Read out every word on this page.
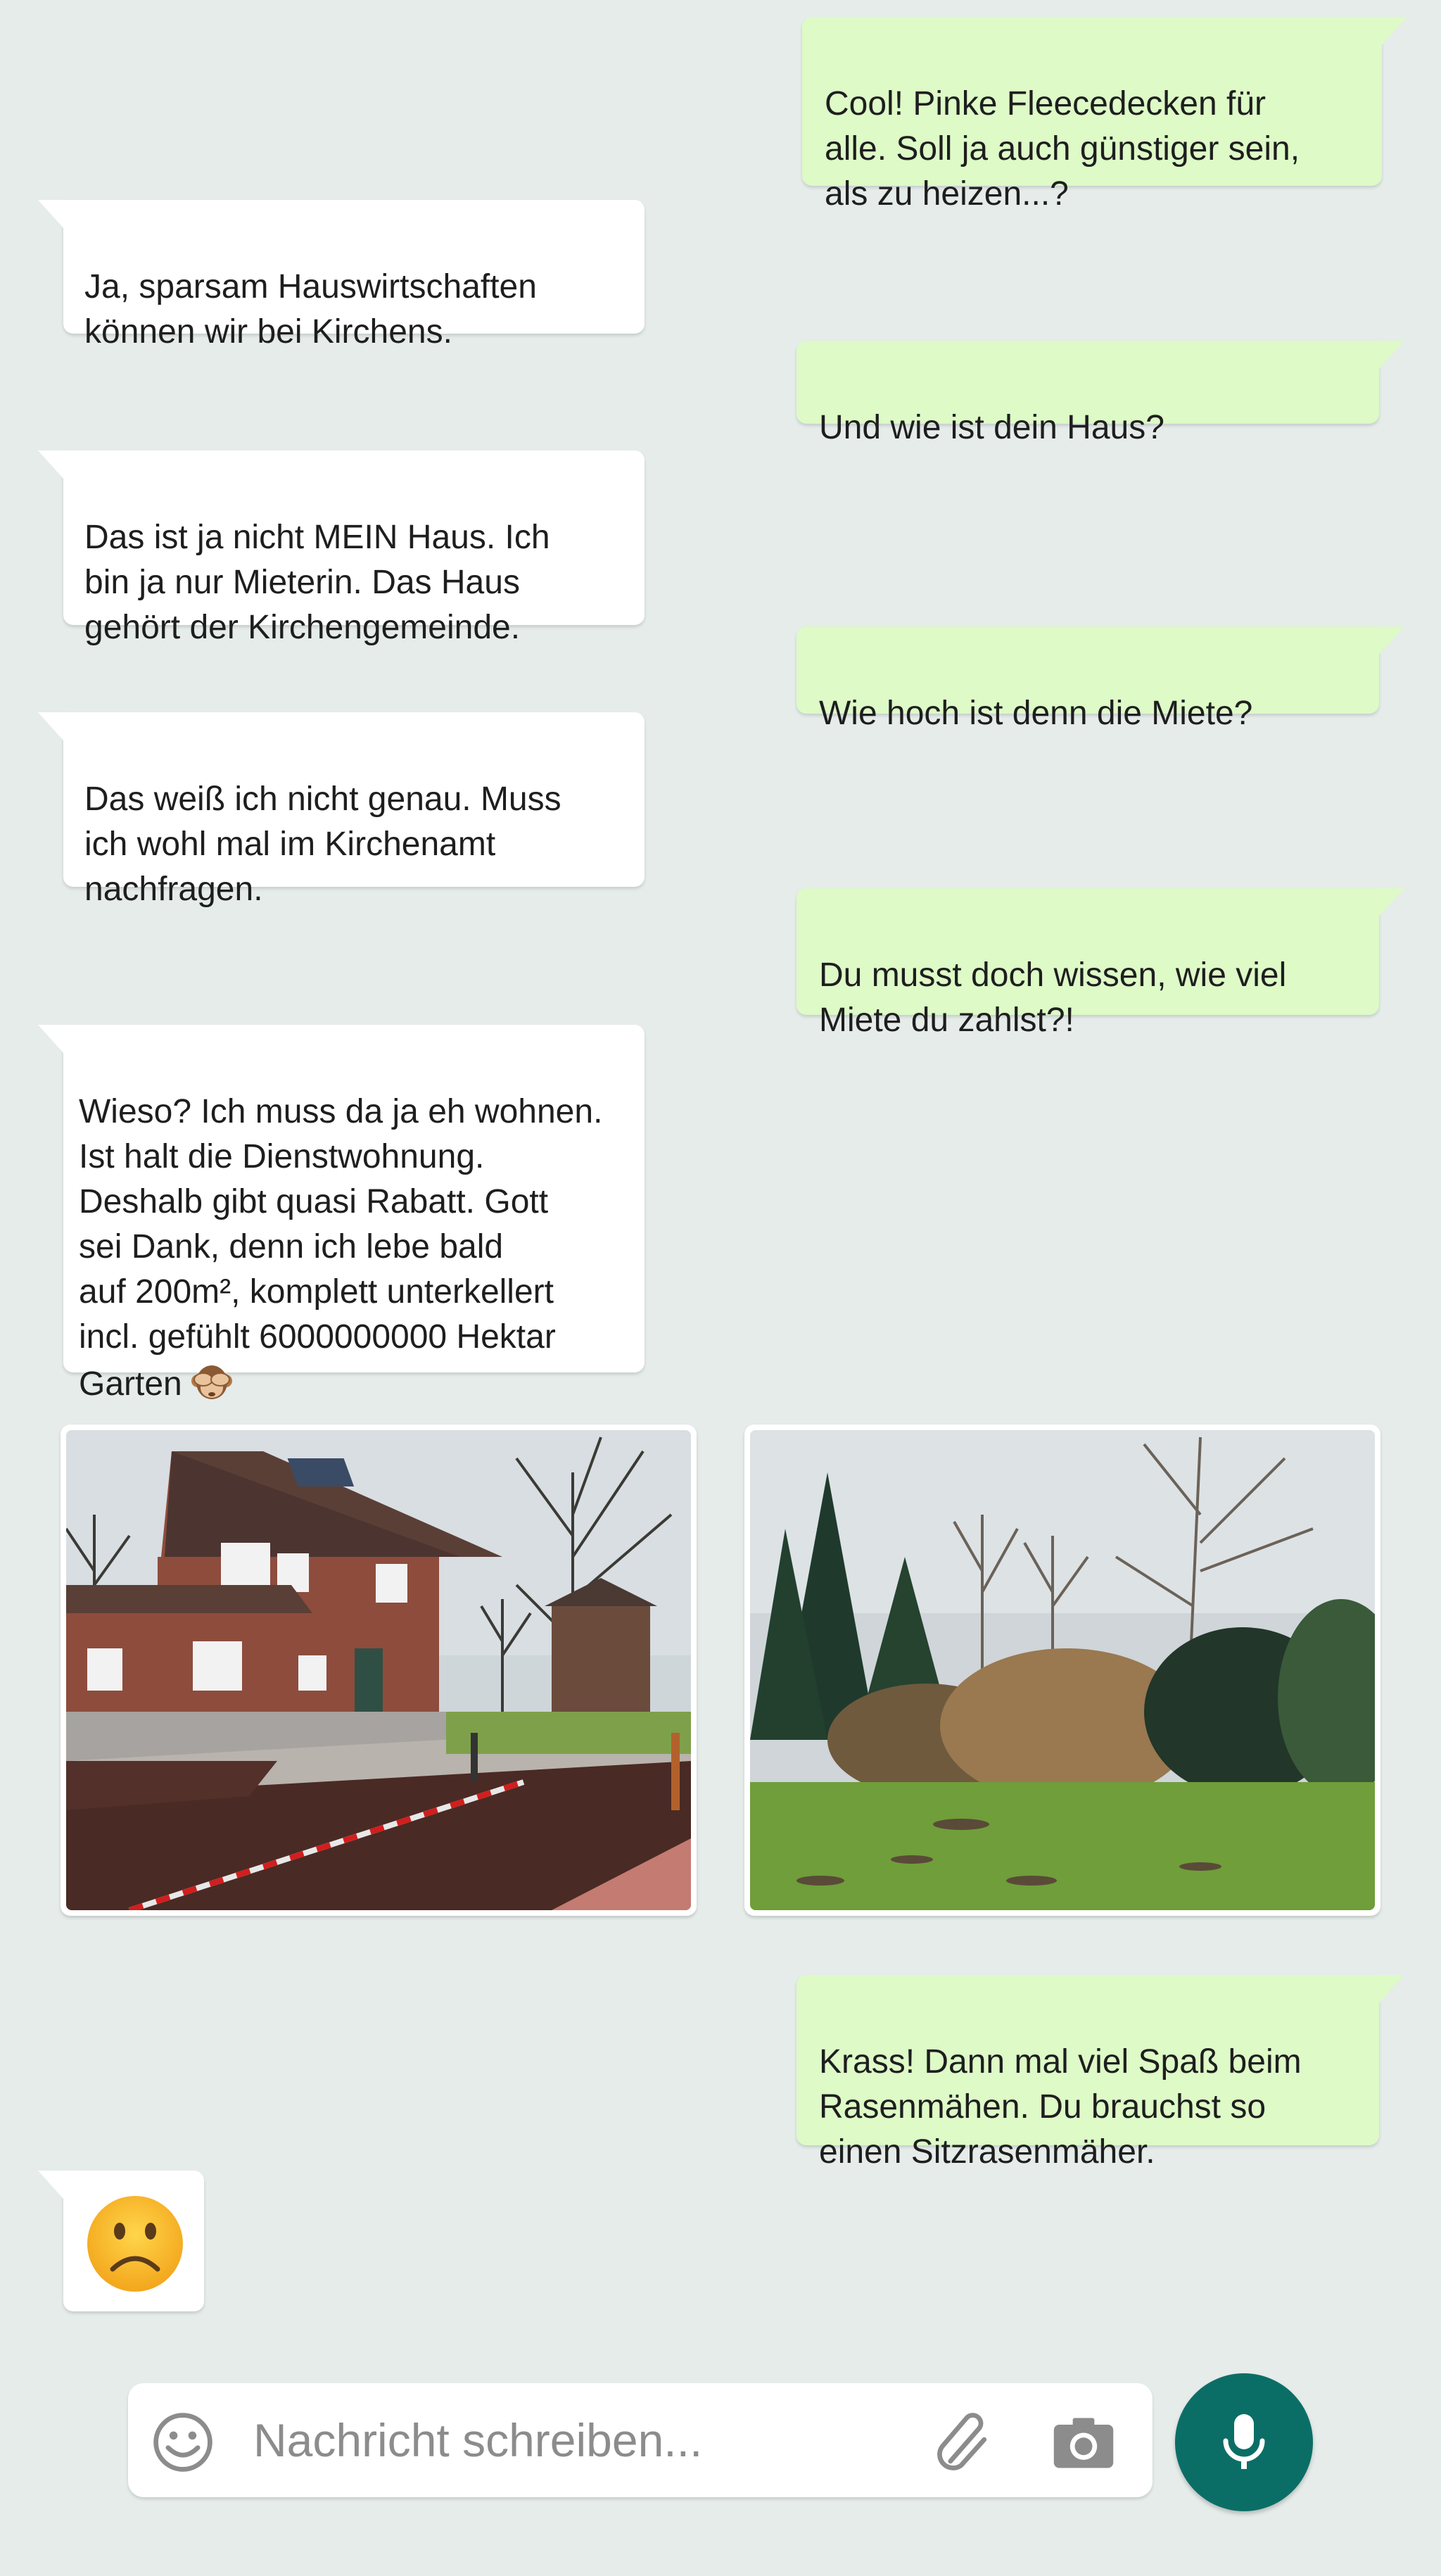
Cool! Pinke Fleecedecken für
alle. Soll ja auch günstiger sein,
als zu heizen...?

Ja, sparsam Hauswirtschaften
können wir bei Kirchens.

Und wie ist dein Haus?

Das ist ja nicht MEIN Haus. Ich
bin ja nur Mieterin. Das Haus
gehört der Kirchengemeinde.

Wie hoch ist denn die Miete?

Das weiß ich nicht genau. Muss
ich wohl mal im Kirchenamt
nachfragen.

Du musst doch wissen, wie viel
Miete du zahlst?!

Wieso? Ich muss da ja eh wohnen.
Ist halt die Dienstwohnung.
Deshalb gibt quasi Rabatt. Gott
sei Dank, denn ich lebe bald
auf 200m², komplett unterkellert
incl. gefühlt 6000000000 Hektar
Garten

Krass! Dann mal viel Spaß beim
Rasenmähen. Du brauchst so
einen Sitzrasenmäher.

Nachricht schreiben...
